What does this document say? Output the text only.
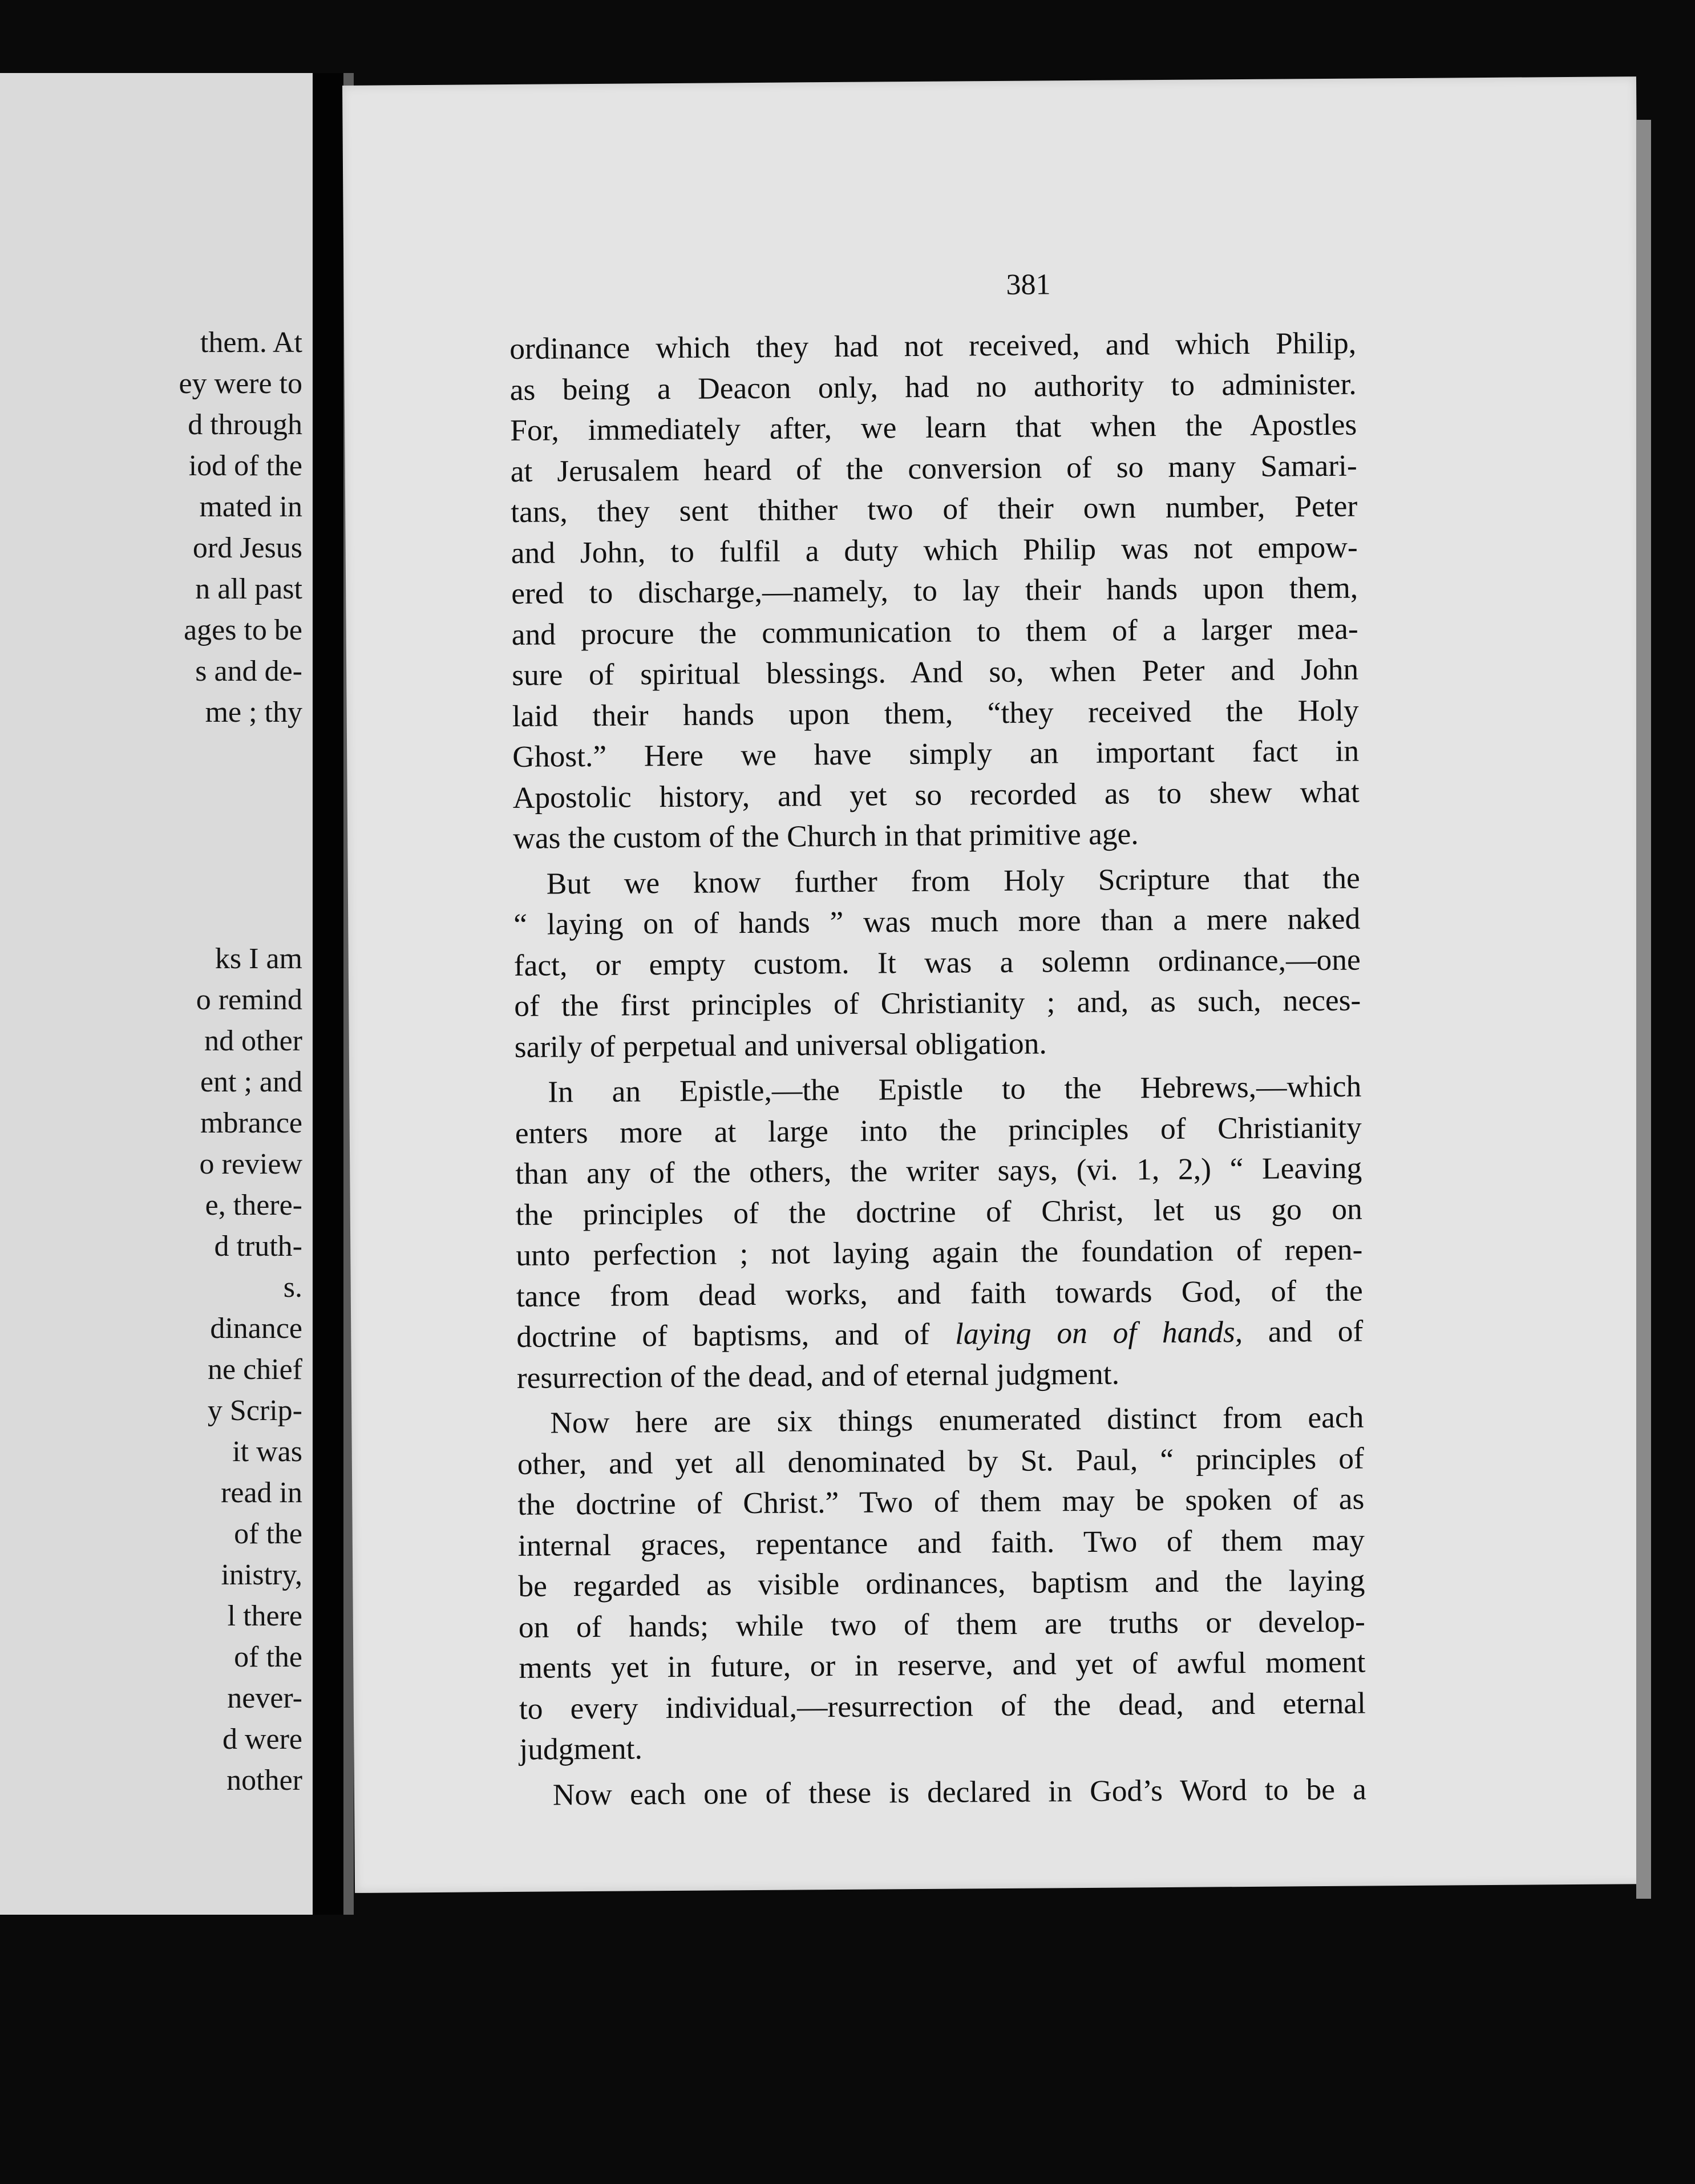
them. At
ey were to
d through
iod of the
mated in
ord Jesus
n all past
ages to be
s and de-
me ; thy
ks I am
o remind
nd other
ent ; and
mbrance
o review
e, there-
d truth-
s.
dinance
ne chief
y Scrip-
it was
read in
of the
inistry,
l there
of the
never-
d were
nother
381
ordinance which they had not received, and which Philip,
as being a Deacon only, had no authority to administer.
For, immediately after, we learn that when the Apostles
at Jerusalem heard of the conversion of so many Samari-
tans, they sent thither two of their own number, Peter
and John, to fulfil a duty which Philip was not empow-
ered to discharge,—namely, to lay their hands upon them,
and procure the communication to them of a larger mea-
sure of spiritual blessings. And so, when Peter and John
laid their hands upon them, “they received the Holy
Ghost.” Here we have simply an important fact in
Apostolic history, and yet so recorded as to shew what
was the custom of the Church in that primitive age.
But we know further from Holy Scripture that the
“ laying on of hands ” was much more than a mere naked
fact, or empty custom. It was a solemn ordinance,—one
of the first principles of Christianity ; and, as such, neces-
sarily of perpetual and universal obligation.
In an Epistle,—the Epistle to the Hebrews,—which
enters more at large into the principles of Christianity
than any of the others, the writer says, (vi. 1, 2,) “ Leaving
the principles of the doctrine of Christ, let us go on
unto perfection ; not laying again the foundation of repen-
tance from dead works, and faith towards God, of the
doctrine of baptisms, and of laying on of hands, and of
resurrection of the dead, and of eternal judgment.
Now here are six things enumerated distinct from each
other, and yet all denominated by St. Paul, “ principles of
the doctrine of Christ.” Two of them may be spoken of as
internal graces, repentance and faith. Two of them may
be regarded as visible ordinances, baptism and the laying
on of hands; while two of them are truths or develop-
ments yet in future, or in reserve, and yet of awful moment
to every individual,—resurrection of the dead, and eternal
judgment.
Now each one of these is declared in God’s Word to be a
